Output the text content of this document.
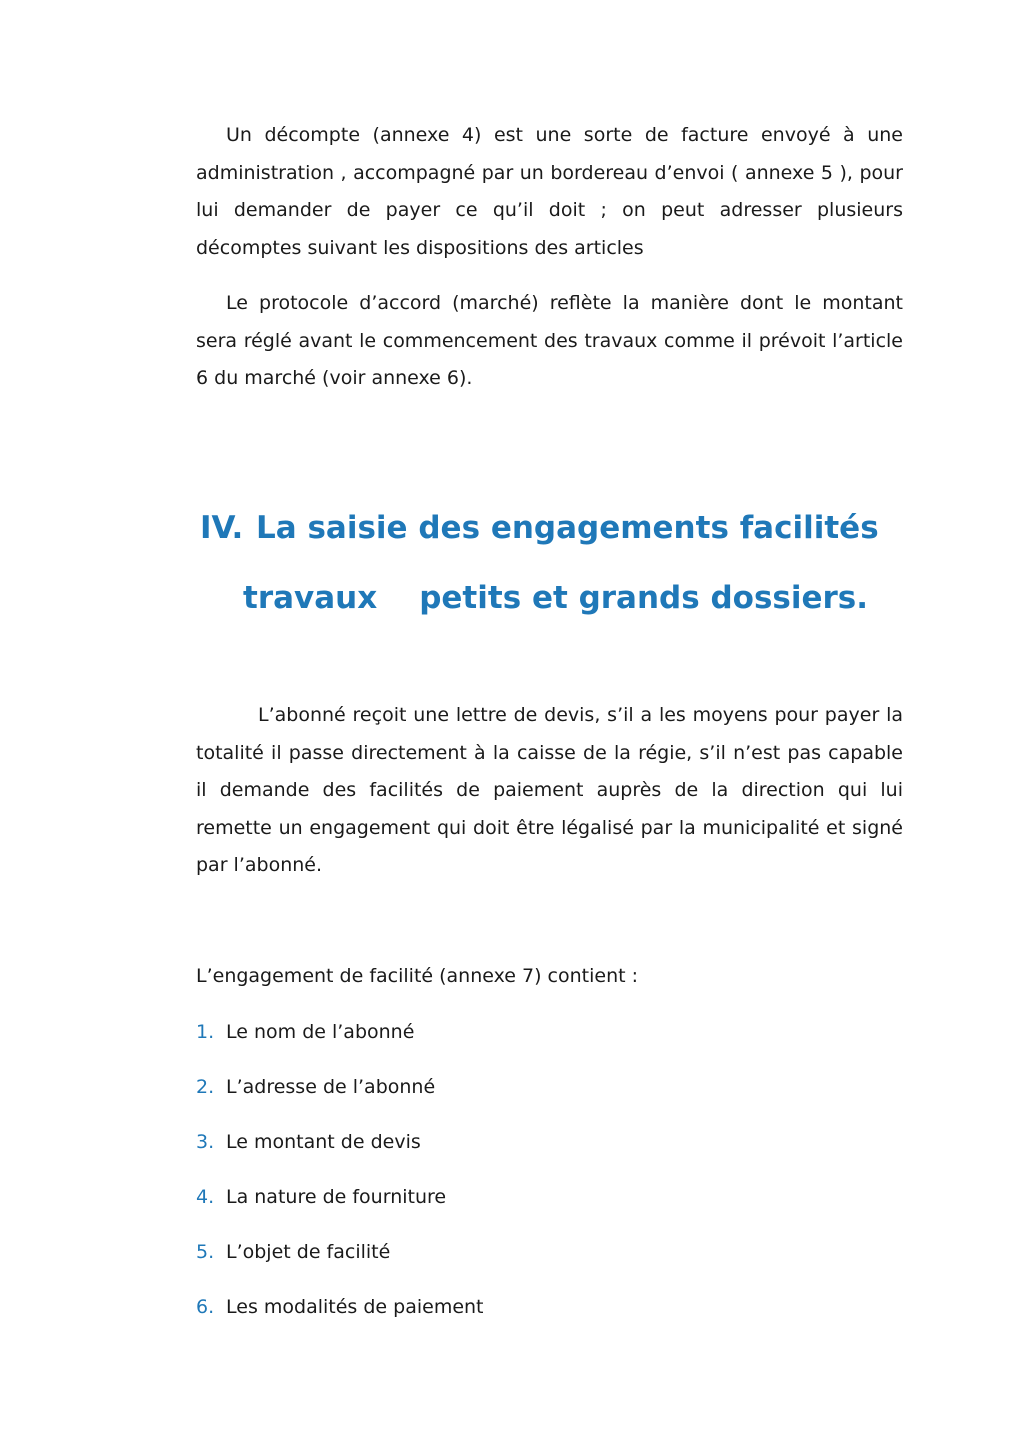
Un décompte (annexe 4) est une sorte de facture envoyé à une administration , accompagné par un bordereau d’envoi ( annexe 5 ), pour lui demander de payer ce qu’il doit ; on peut adresser plusieurs décomptes suivant les dispositions des articles

Le protocole d’accord (marché) reflète la manière dont le montant sera réglé avant le commencement des travaux comme il prévoit l’article 6 du marché (voir annexe 6).

IV. La saisie des engagements facilités
travaux petits et grands dossiers.

L’abonné reçoit une lettre de devis, s’il a les moyens pour payer la totalité il passe directement à la caisse de la régie, s’il n’est pas capable il demande des facilités de paiement auprès de la direction qui lui remette un engagement qui doit être légalisé par la municipalité et signé par l’abonné.

L’engagement de facilité (annexe 7) contient :

1. Le nom de l’abonné
2. L’adresse de l’abonné
3. Le montant de devis
4. La nature de fourniture
5. L’objet de facilité
6. Les modalités de paiement
